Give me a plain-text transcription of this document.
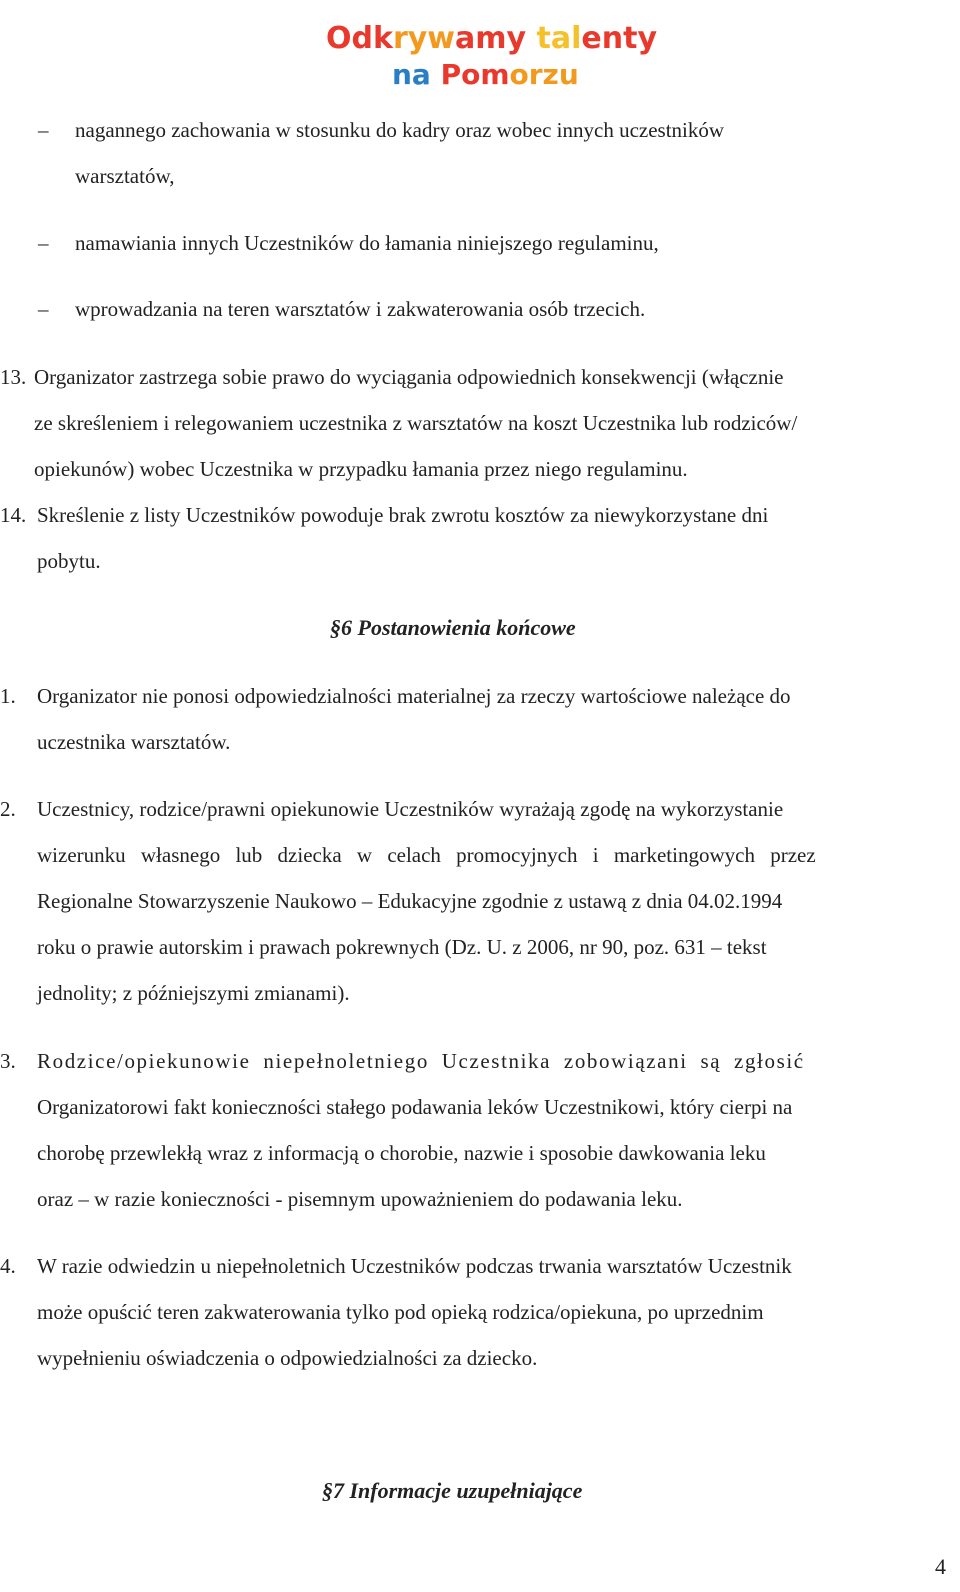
Odkrywamy talenty
na Pomorzu
– nagannego zachowania w stosunku do kadry oraz wobec innych uczestników
warsztatów,
– namawiania innych Uczestników do łamania niniejszego regulaminu,
– wprowadzania na teren warsztatów i zakwaterowania osób trzecich.
13. Organizator zastrzega sobie prawo do wyciągania odpowiednich konsekwencji (włącznie
ze skreśleniem i relegowaniem uczestnika z warsztatów na koszt Uczestnika lub rodziców/
opiekunów) wobec Uczestnika w przypadku łamania przez niego regulaminu.
14. Skreślenie z listy Uczestników powoduje brak zwrotu kosztów za niewykorzystane dni
pobytu.
§6 Postanowienia końcowe
1. Organizator nie ponosi odpowiedzialności materialnej za rzeczy wartościowe należące do
uczestnika warsztatów.
2. Uczestnicy, rodzice/prawni opiekunowie Uczestników wyrażają zgodę na wykorzystanie
wizerunku własnego lub dziecka w celach promocyjnych i marketingowych przez
Regionalne Stowarzyszenie Naukowo – Edukacyjne zgodnie z ustawą z dnia 04.02.1994
roku o prawie autorskim i prawach pokrewnych (Dz. U. z 2006, nr 90, poz. 631 – tekst
jednolity; z późniejszymi zmianami).
3. Rodzice/opiekunowie niepełnoletniego Uczestnika zobowiązani są zgłosić
Organizatorowi fakt konieczności stałego podawania leków Uczestnikowi, który cierpi na
chorobę przewlekłą wraz z informacją o chorobie, nazwie i sposobie dawkowania leku
oraz – w razie konieczności - pisemnym upoważnieniem do podawania leku.
4. W razie odwiedzin u niepełnoletnich Uczestników podczas trwania warsztatów Uczestnik
może opuścić teren zakwaterowania tylko pod opieką rodzica/opiekuna, po uprzednim
wypełnieniu oświadczenia o odpowiedzialności za dziecko.
§7 Informacje uzupełniające
4
